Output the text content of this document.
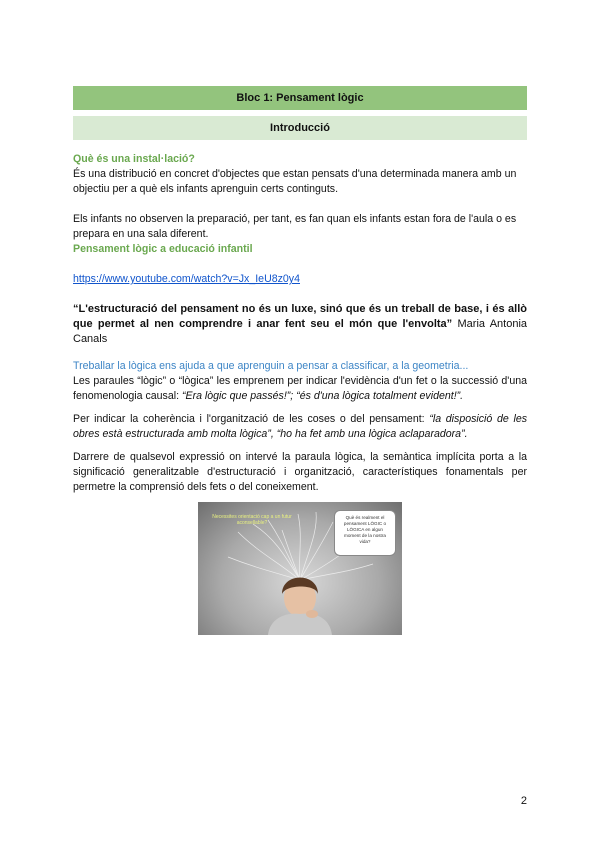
Bloc 1: Pensament lògic
Introducció

Què és una instal·lació?

És una distribució en concret d'objectes que estan pensats d'una determinada manera amb un objectiu per a què els infants aprenguin certs continguts.

Els infants no observen la preparació, per tant, es fan quan els infants estan fora de l'aula o es prepara en una sala diferent.

Pensament lògic a educació infantil

https://www.youtube.com/watch?v=Jx_IeU8z0y4

“L'estructuració del pensament no és un luxe, sinó que és un treball de base, i és allò que permet al nen comprendre i anar fent seu el món que l'envolta” Maria Antonia Canals

Treballar la lògica ens ajuda a que aprenguin a pensar a classificar, a la geometria...

Les paraules “lògic” o “lògica” les emprenem per indicar l'evidència d'un fet o la successió d'una fenomenologia causal: “Era lògic que passés!”; “és d'una lògica totalment evident!”.

Per indicar la coherència i l'organització de les coses o del pensament: “la disposició de les obres està estructurada amb molta lògica”, “ho ha fet amb una lògica aclaparadora”.

Darrere de qualsevol expressió on intervé la paraula lògica, la semàntica implícita porta a la significació generalitzable d'estructuració i organització, característiques fonamentals per permetre la comprensió dels fets o del coneixement.

Necessites orientació cap a un futur aconsellable?
Què és realment el pensament LÒGIC o LÒGICA en algun moment de la nostra vida?
2
